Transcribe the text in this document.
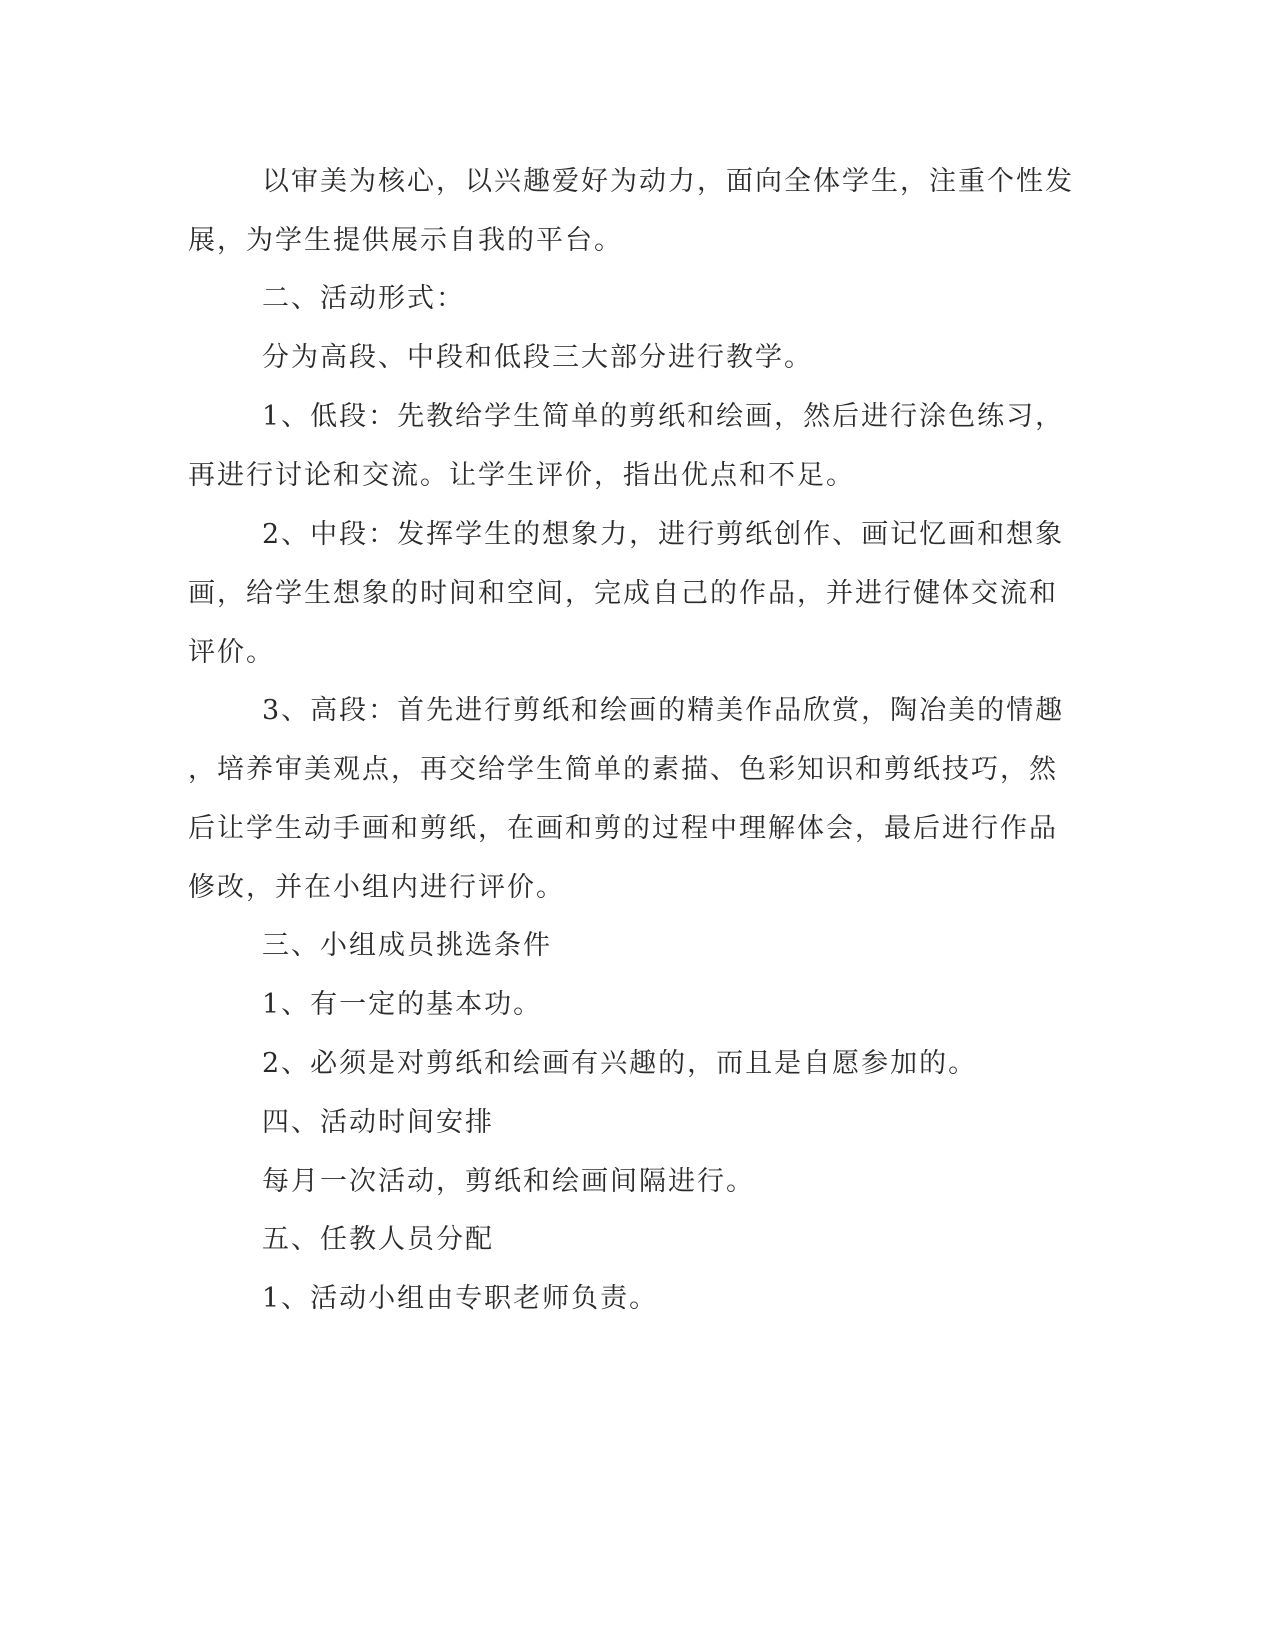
以审美为核心，以兴趣爱好为动力，面向全体学生，注重个性发
展，为学生提供展示自我的平台。
二、活动形式：
分为高段、中段和低段三大部分进行教学。
1、低段：先教给学生简单的剪纸和绘画，然后进行涂色练习，
再进行讨论和交流。让学生评价，指出优点和不足。
2、中段：发挥学生的想象力，进行剪纸创作、画记忆画和想象
画，给学生想象的时间和空间，完成自己的作品，并进行健体交流和
评价。
3、高段：首先进行剪纸和绘画的精美作品欣赏，陶冶美的情趣
，培养审美观点，再交给学生简单的素描、色彩知识和剪纸技巧，然
后让学生动手画和剪纸，在画和剪的过程中理解体会，最后进行作品
修改，并在小组内进行评价。
三、小组成员挑选条件
1、有一定的基本功。
2、必须是对剪纸和绘画有兴趣的，而且是自愿参加的。
四、活动时间安排
每月一次活动，剪纸和绘画间隔进行。
五、任教人员分配
1、活动小组由专职老师负责。
